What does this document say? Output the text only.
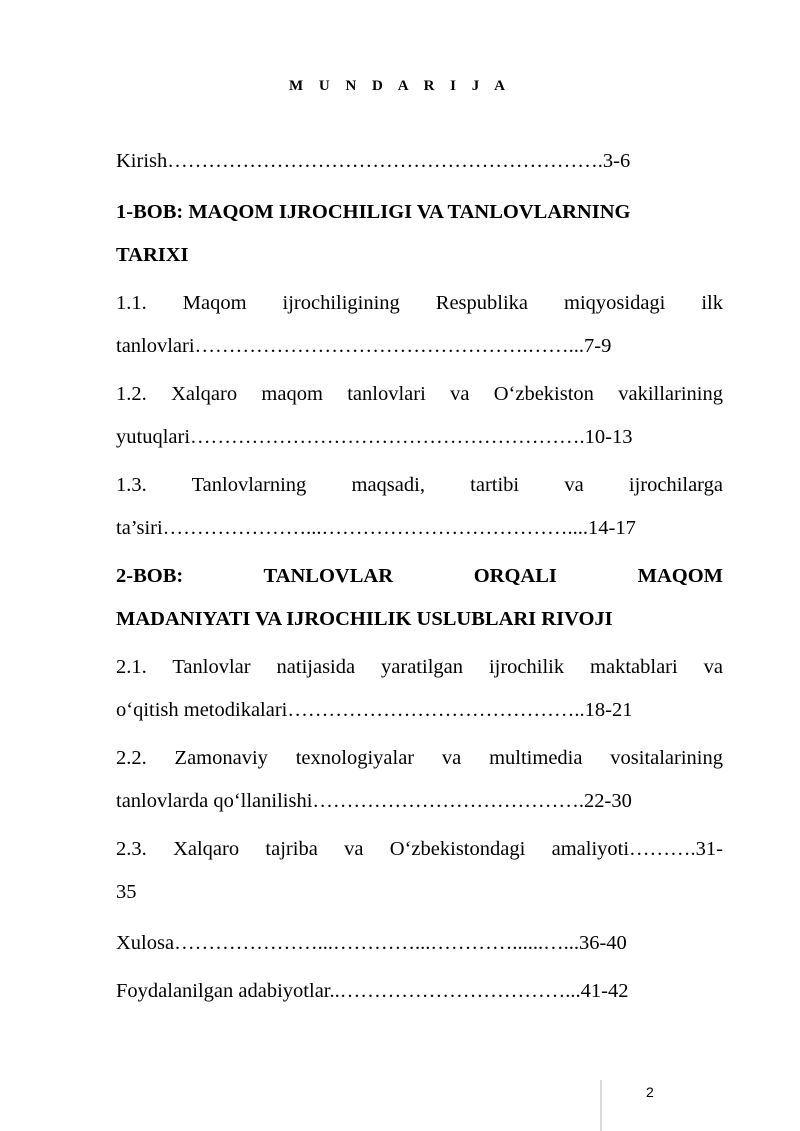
M U N D A R I J A
Kirish……………………………………………………….3-6
1-BOB: MAQOM IJROCHILIGI VA TANLOVLARNING
TARIXI
1.1. Maqom ijrochiligining Respublika miqyosidagi ilk
tanlovlari………………………………………….……...7-9
1.2. Xalqaro maqom tanlovlari va O‘zbekiston vakillarining
yutuqlari………………………………………………….10-13
1.3. Tanlovlarning maqsadi, tartibi va ijrochilarga
ta’siri…………………...………………………………....14-17
2-BOB: TANLOVLAR ORQALI MAQOM
MADANIYATI VA IJROCHILIK USLUBLARI RIVOJI
2.1. Tanlovlar natijasida yaratilgan ijrochilik maktablari va
o‘qitish metodikalari……………………………………..18-21
2.2. Zamonaviy texnologiyalar va multimedia vositalarining
tanlovlarda qo‘llanilishi………………………………….22-30
2.3. Xalqaro tajriba va O‘zbekistondagi amaliyoti……….31-
35
Xulosa…………………...…………...…………......…...36-40
Foydalanilgan adabiyotlar..……………………………...41-42
2
